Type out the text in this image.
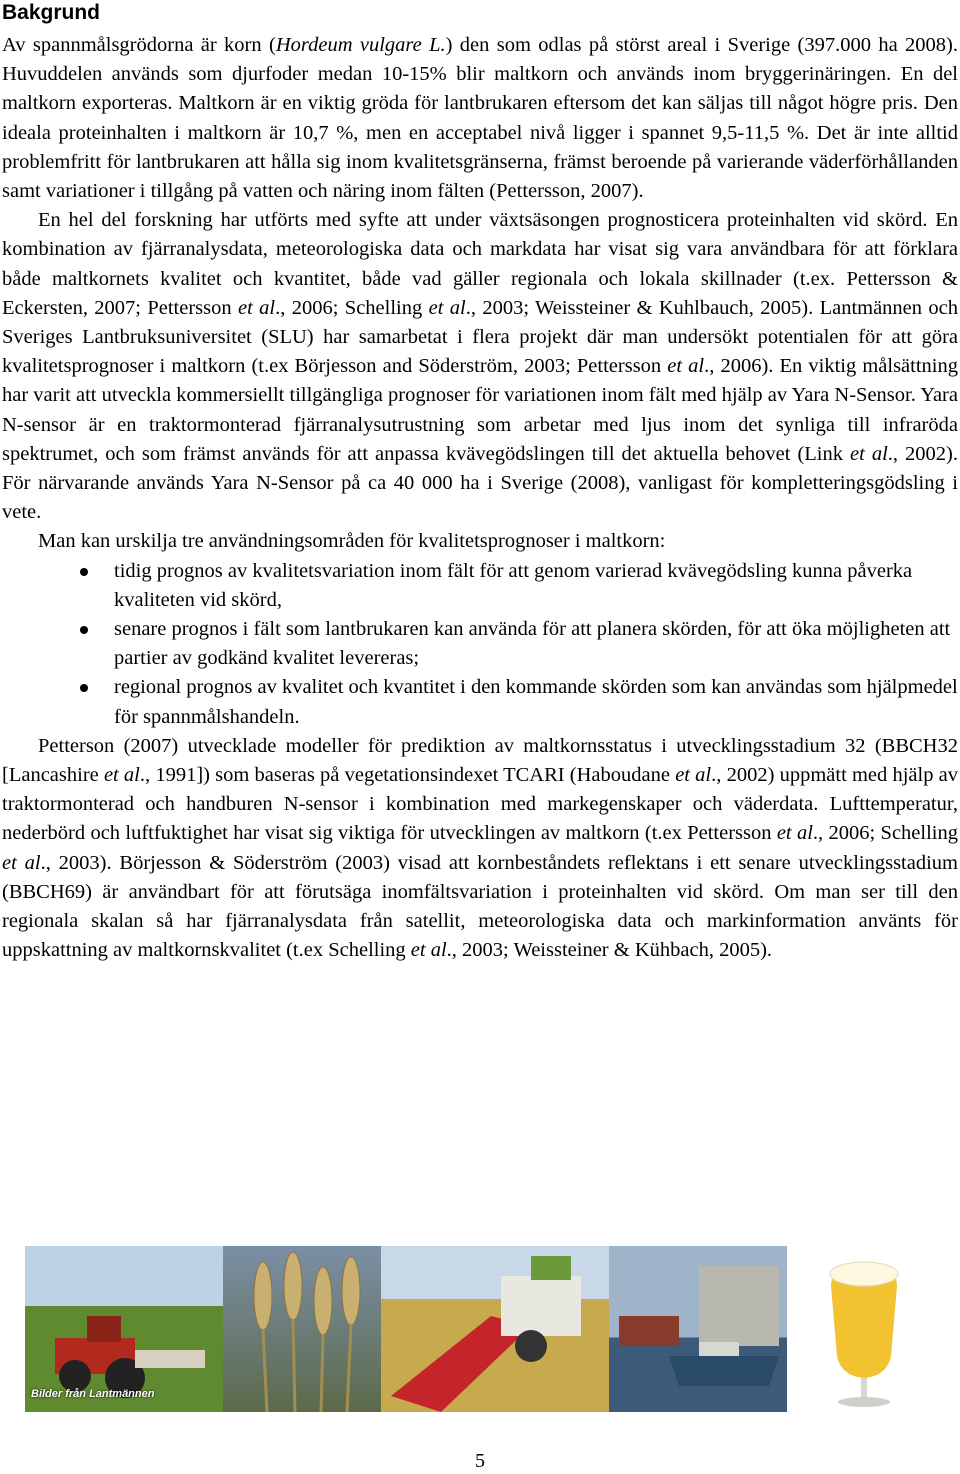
Bakgrund

Av spannmålsgrödorna är korn (Hordeum vulgare L.) den som odlas på störst areal i Sverige (397.000 ha 2008). Huvuddelen används som djurfoder medan 10-15% blir maltkorn och används inom bryggerinäringen. En del maltkorn exporteras. Maltkorn är en viktig gröda för lantbrukaren eftersom det kan säljas till något högre pris. Den ideala proteinhalten i maltkorn är 10,7 %, men en acceptabel nivå ligger i spannet 9,5-11,5 %. Det är inte alltid problemfritt för lantbrukaren att hålla sig inom kvalitetsgränserna, främst beroende på varierande väderförhållanden samt variationer i tillgång på vatten och näring inom fälten (Pettersson, 2007).

En hel del forskning har utförts med syfte att under växtsäsongen prognosticera proteinhalten vid skörd. En kombination av fjärranalysdata, meteorologiska data och markdata har visat sig vara användbara för att förklara både maltkornets kvalitet och kvantitet, både vad gäller regionala och lokala skillnader (t.ex. Pettersson & Eckersten, 2007; Pettersson et al., 2006; Schelling et al., 2003; Weissteiner & Kuhlbauch, 2005). Lantmännen och Sveriges Lantbruksuniversitet (SLU) har samarbetat i flera projekt där man undersökt potentialen för att göra kvalitetsprognoser i maltkorn (t.ex Börjesson and Söderström, 2003; Pettersson et al., 2006). En viktig målsättning har varit att utveckla kommersiellt tillgängliga prognoser för variationen inom fält med hjälp av Yara N-Sensor. Yara N-sensor är en traktormonterad fjärranalysutrustning som arbetar med ljus inom det synliga till infraröda spektrumet, och som främst används för att anpassa kvävegödslingen till det aktuella behovet (Link et al., 2002). För närvarande används Yara N-Sensor på ca 40 000 ha i Sverige (2008), vanligast för kompletteringsgödsling i vete.

Man kan urskilja tre användningsområden för kvalitetsprognoser i maltkorn:

tidig prognos av kvalitetsvariation inom fält för att genom varierad kvävegödsling kunna påverka kvaliteten vid skörd,
senare prognos i fält som lantbrukaren kan använda för att planera skörden, för att öka möjligheten att partier av godkänd kvalitet levereras;
regional prognos av kvalitet och kvantitet i den kommande skörden som kan användas som hjälpmedel för spannmålshandeln.

Petterson (2007) utvecklade modeller för prediktion av maltkornsstatus i utvecklingsstadium 32 (BBCH32 [Lancashire et al., 1991]) som baseras på vegetationsindexet TCARI (Haboudane et al., 2002) uppmätt med hjälp av traktormonterad och handburen N-sensor i kombination med markegenskaper och väderdata. Lufttemperatur, nederbörd och luftfuktighet har visat sig viktiga för utvecklingen av maltkorn (t.ex Pettersson et al., 2006; Schelling et al., 2003). Börjesson & Söderström (2003) visad att kornbeståndets reflektans i ett senare utvecklingsstadium (BBCH69) är användbart för att förutsäga inomfältsvariation i proteinhalten vid skörd. Om man ser till den regionala skalan så har fjärranalysdata från satellit, meteorologiska data och markinformation använts för uppskattning av maltkornskvalitet (t.ex Schelling et al., 2003; Weissteiner & Kühbach, 2005).

Bilder från Lantmännen
5
